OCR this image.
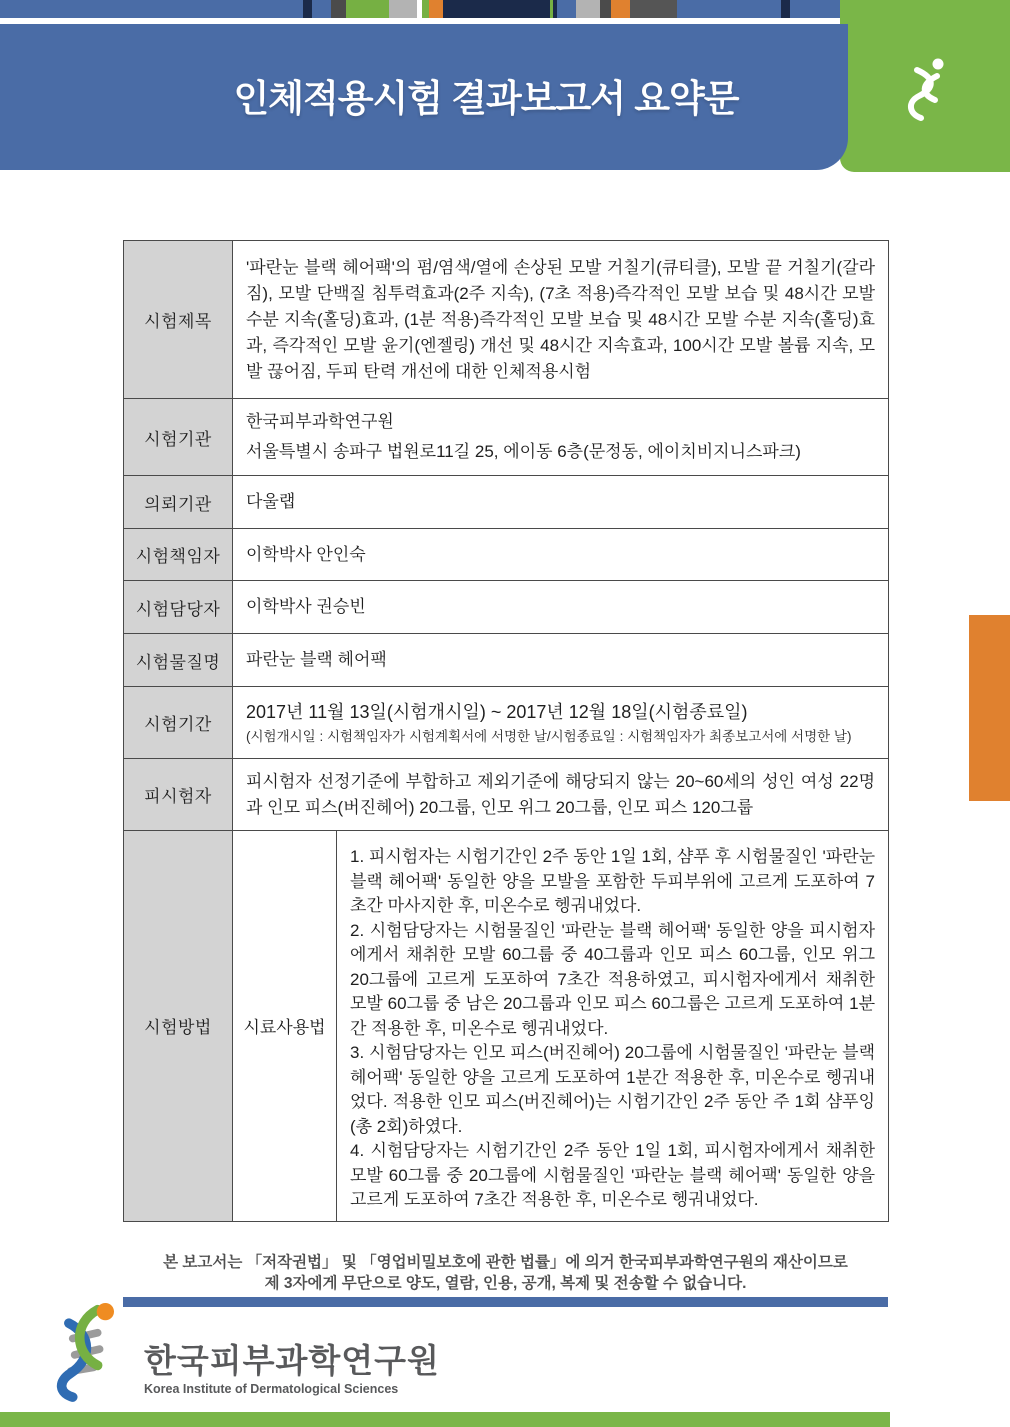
인체적용시험 결과보고서 요약문
시험제목	'파란눈 블랙 헤어팩'의 펌/염색/열에 손상된 모발 거칠기(큐티클), 모발 끝 거칠기(갈라짐), 모발 단백질 침투력효과(2주 지속), (7초 적용)즉각적인 모발 보습 및 48시간 모발 수분 지속(홀딩)효과, (1분 적용)즉각적인 모발 보습 및 48시간 모발 수분 지속(홀딩)효과, 즉각적인 모발 윤기(엔젤링) 개선 및 48시간 지속효과, 100시간 모발 볼륨 지속, 모발 끊어짐, 두피 탄력 개선에 대한 인체적용시험	
시험기관	한국피부과학연구원
서울특별시 송파구 법원로11길 25, 에이동 6층(문정동, 에이치비지니스파크)	

의뢰기관	다울랩	
시험책임자	이학박사 안인숙	
시험담당자	이학박사 권승빈	
시험물질명	파란눈 블랙 헤어팩	
시험기간	2017년 11월 13일(시험개시일) ~ 2017년 12월 18일(시험종료일)
(시험개시일 : 시험책임자가 시험계획서에 서명한 날/시험종료일 : 시험책임자가 최종보고서에 서명한 날)	

피시험자	피시험자 선정기준에 부합하고 제외기준에 해당되지 않는 20~60세의 성인 여성 22명과 인모 피스(버진헤어) 20그룹, 인모 위그 20그룹, 인모 피스 120그룹	
시험방법	시료사용법	1. 피시험자는 시험기간인 2주 동안 1일 1회, 샴푸 후 시험물질인 '파란눈 블랙 헤어팩' 동일한 양을 모발을 포함한 두피부위에 고르게 도포하여 7초간 마사지한 후, 미온수로 헹궈내었다.

2. 시험담당자는 시험물질인 '파란눈 블랙 헤어팩' 동일한 양을 피시험자에게서 채취한 모발 60그룹 중 40그룹과 인모 피스 60그룹, 인모 위그 20그룹에 고르게 도포하여 7초간 적용하였고, 피시험자에게서 채취한 모발 60그룹 중 남은 20그룹과 인모 피스 60그룹은 고르게 도포하여 1분간 적용한 후, 미온수로 헹궈내었다.

3. 시험담당자는 인모 피스(버진헤어) 20그룹에 시험물질인 '파란눈 블랙 헤어팩' 동일한 양을 고르게 도포하여 1분간 적용한 후, 미온수로 헹궈내었다. 적용한 인모 피스(버진헤어)는 시험기간인 2주 동안 주 1회 샴푸잉(총 2회)하였다.

4. 시험담당자는 시험기간인 2주 동안 1일 1회, 피시험자에게서 채취한 모발 60그룹 중 20그룹에 시험물질인 '파란눈 블랙 헤어팩' 동일한 양을 고르게 도포하여 7초간 적용한 후, 미온수로 헹궈내었다.

본 보고서는 「저작권법」 및 「영업비밀보호에 관한 법률」에 의거 한국피부과학연구원의 재산이므로
제 3자에게 무단으로 양도, 열람, 인용, 공개, 복제 및 전송할 수 없습니다.
한국피부과학연구원
Korea Institute of Dermatological Sciences
